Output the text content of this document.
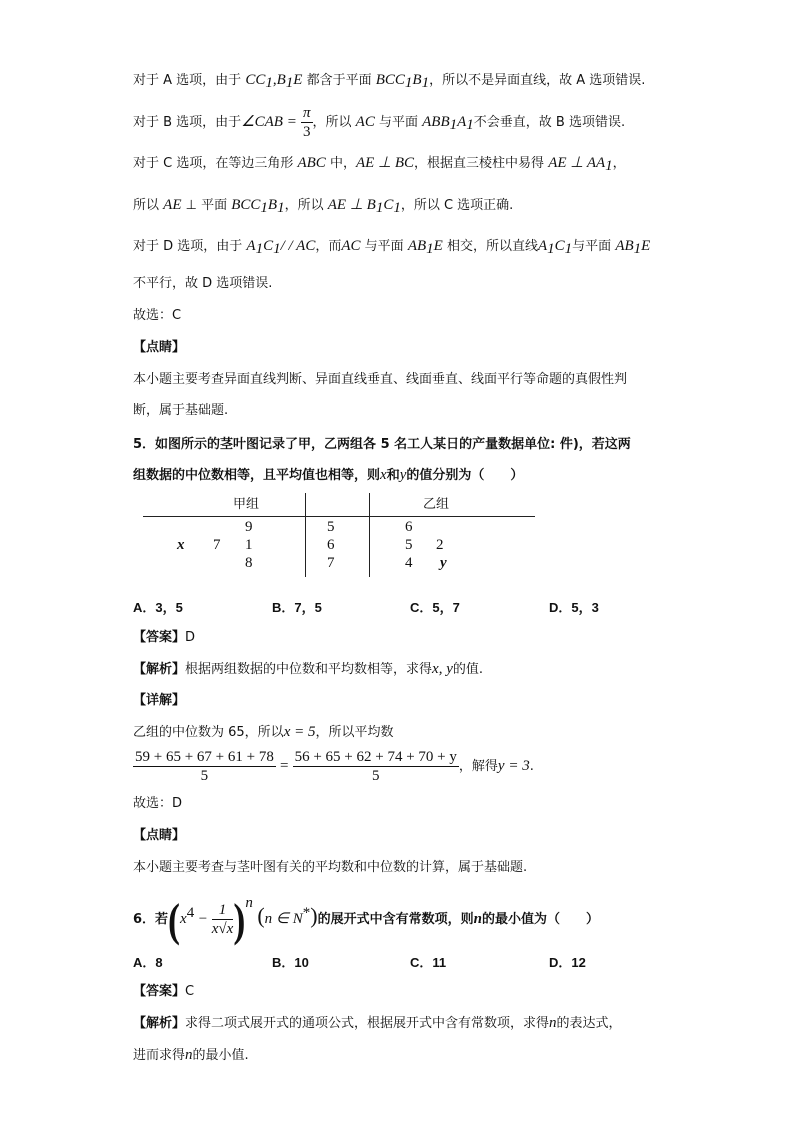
对于 A 选项，由于 $CC_1,B_1E$ 都含于平面 $BCC_1B_1$，所以不是异面直线，故 A 选项错误.
对于 B 选项，由于∠CAB = $\frac{\pi}{3}$ ，所以 AC 与平面 $ABB_1A_1$不会垂直，故 B 选项错误.
对于 C 选项，在等边三角形 ABC 中，AE ⊥ BC，根据直三棱柱中易得 AE ⊥ $AA_1$，
所以 AE ⊥ 平面 $BCC_1B_1$，所以 AE ⊥ $B_1C_1$，所以 C 选项正确.
对于 D 选项，由于 $A_1C_1/$ / AC，而AC 与平面 $AB_1E$ 相交，所以直线$A_1C_1$与平面 $AB_1E$
不平行，故 D 选项错误.
故选：C
【点睛】
本小题主要考查异面直线判断、异面直线垂直、线面垂直、线面平行等命题的真假性判
断，属于基础题.
5．如图所示的茎叶图记录了甲，乙两组各 5 名工人某日的产量数据单位: 件)，若这两
组数据的中位数相等，且平均值也相等，则x和y的值分别为（　　）
甲组	乙组
9	5	6
x 7 1	6	5 2
8	7	4 y
A．3，5	B．7，5	C．5，7	D．5，3
【答案】D
【解析】根据两组数据的中位数和平均数相等，求得x, y的值.
【详解】
乙组的中位数为 65，所以x = 5，所以平均数
$\frac{59 + 65 + 67 + 61 + 78}{5} = \frac{56 + 65 + 62 + 74 + 70 + y}{5}$ ，解得y = 3.
故选：D
【点睛】
本小题主要考查与茎叶图有关的平均数和中位数的计算，属于基础题.
6．若$(x^4 - \frac{1}{x√x} )^n$ (n ∈ N*)的展开式中含有常数项，则n的最小值为（　　）
A．8	B．10	C．11	D．12
【答案】C
【解析】求得二项式展开式的通项公式，根据展开式中含有常数项，求得n的表达式，
进而求得n的最小值.
